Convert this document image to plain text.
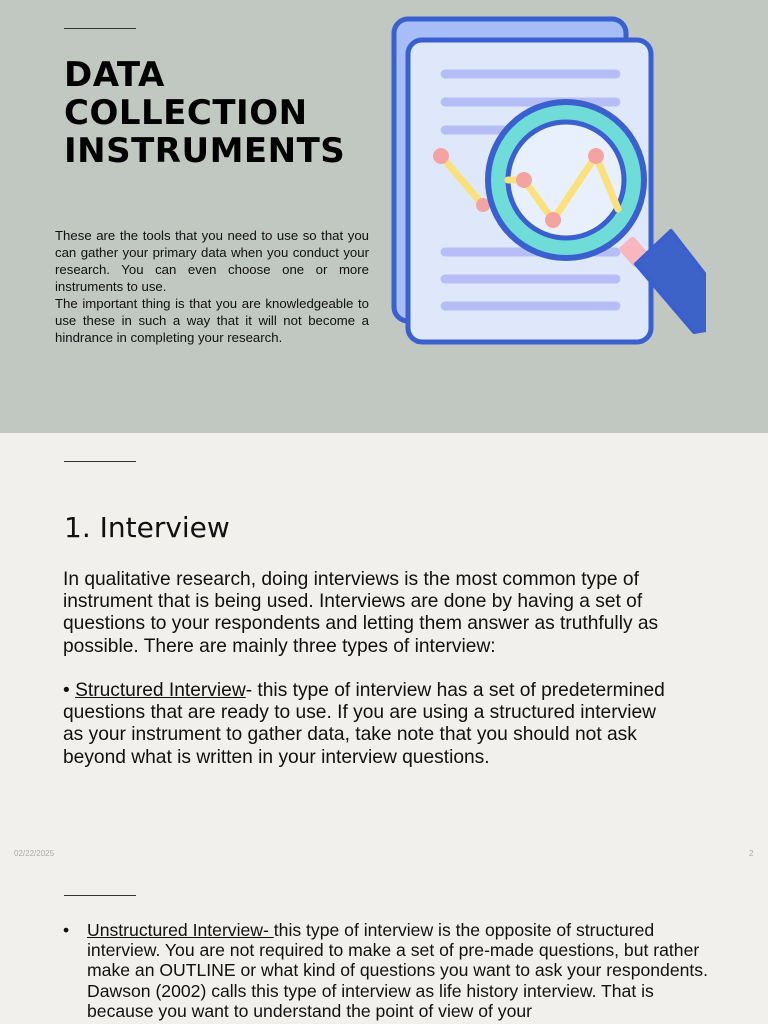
DATA
COLLECTION
INSTRUMENTS

These are the tools that you need to use so that you can gather your primary data when you conduct your research. You can even choose one or more instruments to use.

The important thing is that you are knowledgeable to use these in such a way that it will not become a hindrance in completing your research.

1. Interview

In qualitative research, doing interviews is the most common type of instrument that is being used. Interviews are done by having a set of questions to your respondents and letting them answer as truthfully as possible. There are mainly three types of interview:

• Structured Interview- this type of interview has a set of predetermined questions that are ready to use. If you are using a structured interview as your instrument to gather data, take note that you should not ask beyond what is written in your interview questions.

02/22/2025	2
• Unstructured Interview- this type of interview is the opposite of structured interview. You are not required to make a set of pre-made questions, but rather make an OUTLINE or what kind of questions you want to ask your respondents. Dawson (2002) calls this type of interview as life history interview. That is because you want to understand the point of view of your
